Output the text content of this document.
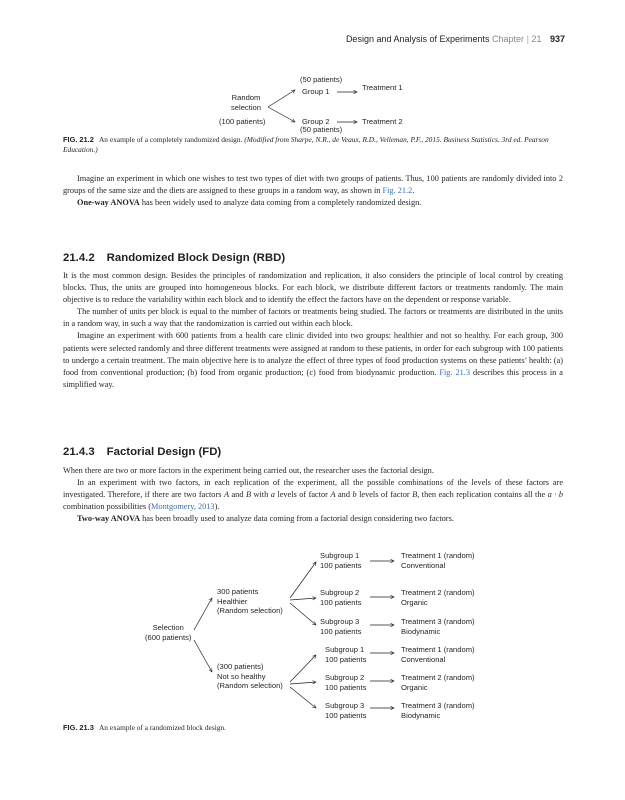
Design and Analysis of Experiments Chapter | 21 937
Random
selection
(100 patients)
(50 patients)
Group 1	Treatment 1
Group 2
(50 patients)
Treatment 2
FIG. 21.2 An example of a completely randomized design. (Modified from Sharpe, N.R., de Veaux, R.D., Velleman, P.F., 2015. Business Statistics. 3rd ed. Pearson Education.)

Imagine an experiment in which one wishes to test two types of diet with two groups of patients. Thus, 100 patients are randomly divided into 2 groups of the same size and the diets are assigned to these groups in a random way, as shown in Fig. 21.2.

One-way ANOVA has been widely used to analyze data coming from a completely randomized design.

21.4.2 Randomized Block Design (RBD)

It is the most common design. Besides the principles of randomization and replication, it also considers the principle of local control by creating blocks. Thus, the units are grouped into homogeneous blocks. For each block, we distribute different factors or treatments randomly. The main objective is to reduce the variability within each block and to identify the effect the factors have on the dependent or response variable.

The number of units per block is equal to the number of factors or treatments being studied. The factors or treatments are distributed in the units in a random way, in such a way that the randomization is carried out within each block.

Imagine an experiment with 600 patients from a health care clinic divided into two groups: healthier and not so healthy. For each group, 300 patients were selected randomly and three different treatments were assigned at random to these patients, in order for each subgroup with 100 patients to undergo a certain treatment. The main objective here is to analyze the effect of three types of food production systems on these patients’ health: (a) food from conventional production; (b) food from organic production; (c) food from biodynamic production. Fig. 21.3 describes this process in a simplified way.

21.4.3 Factorial Design (FD)

When there are two or more factors in the experiment being carried out, the researcher uses the factorial design.

In an experiment with two factors, in each replication of the experiment, all the possible combinations of the levels of these factors are investigated. Therefore, if there are two factors A and B with a levels of factor A and b levels of factor B, then each replication contains all the a · b combination possibilities (Montgomery, 2013).

Two-way ANOVA has been broadly used to analyze data coming from a factorial design considering two factors.

Selection
(600 patients)
300 patients
Healthier
(Random selection)
(300 patients)
Not so healthy
(Random selection)
Subgroup 1
100 patients
Subgroup 2
100 patients
Subgroup 3
100 patients
Subgroup 1
100 patients
Subgroup 2
100 patients
Subgroup 3
100 patients
Treatment 1 (random)
Conventional
Treatment 2 (random)
Organic
Treatment 3 (random)
Biodynamic
Treatment 1 (random)
Conventional
Treatment 2 (random)
Organic
Treatment 3 (random)
Biodynamic
FIG. 21.3 An example of a randomized block design.
